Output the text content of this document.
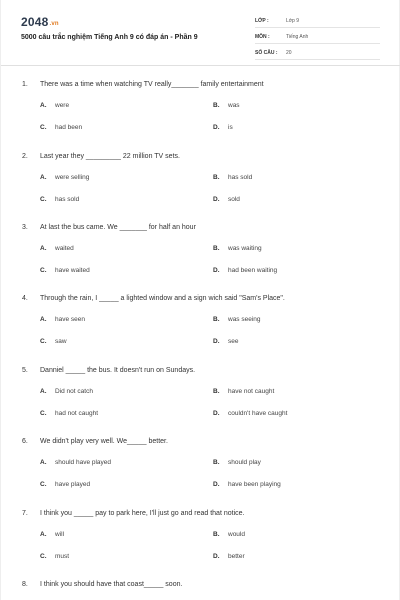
2048.vn
5000 câu trắc nghiệm Tiếng Anh 9 có đáp án - Phần 9
LỚP :	Lớp 9
MÔN :	Tiếng Anh
SỐ CÂU :	20
1. There was a time when watching TV really_______ family entertainment
A. were	B. was
C. had been	D. is
2. Last year they _________ 22 million TV sets.
A. were selling	B. has sold
C. has sold	D. sold
3. At last the bus came. We _______ for half an hour
A. waited	B. was waiting
C. have waited	D. had been waiting
4. Through the rain, I _____ a lighted window and a sign wich said "Sam's Place".
A. have seen	B. was seeing
C. saw	D. see
5. Danniel _____ the bus. It doesn't run on Sundays.
A. Did not catch	B. have not caught
C. had not caught	D. couldn't have caught
6. We didn't play very well. We_____ better.
A. should have played	B. should play
C. have played	D. have been playing
7. I think you _____ pay to park here, I'll just go and read that notice.
A. will	B. would
C. must	D. better
8. I think you should have that coast_____ soon.
